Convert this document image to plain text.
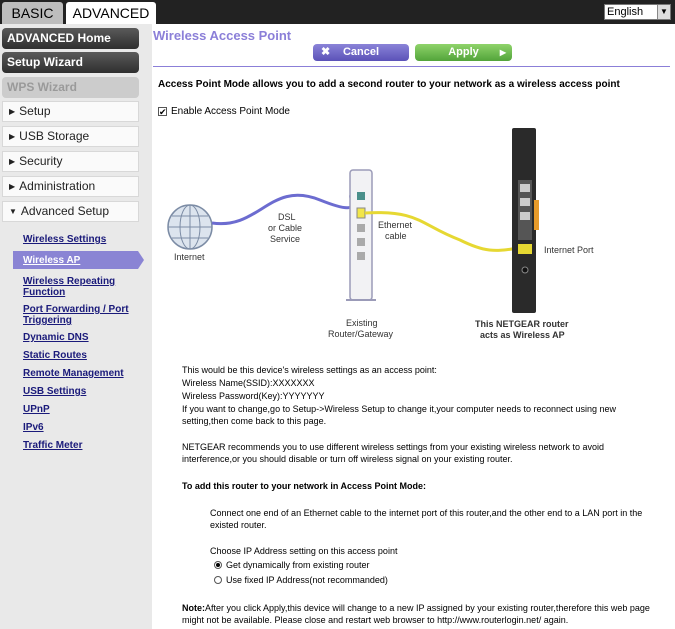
BASIC	ADVANCED	English	▼
ADVANCED Home
Setup Wizard
WPS Wizard
▶ Setup
▶ USB Storage
▶ Security
▶ Administration
▼ Advanced Setup
Wireless Settings
Wireless AP
Wireless Repeating Function
Port Forwarding / Port Triggering
Dynamic DNS
Static Routes
Remote Management
USB Settings
UPnP
IPv6
Traffic Meter
Wireless Access Point
✖ Cancel	Apply	▶
Access Point Mode allows you to add a second router to your network as a wireless access point
✔ Enable Access Point Mode
Internet
DSL
or Cable
Service
Existing
Router/Gateway
Ethernet
cable
Internet Port
This NETGEAR router
acts as Wireless AP
This would be this device's wireless settings as an access point:
Wireless Name(SSID):XXXXXXX
Wireless Password(Key):YYYYYYY
If you want to change,go to Setup->Wireless Setup to change it,your computer needs to reconnect using new setting,then come back to this page.
NETGEAR recommends you to use different wireless settings from your existing wireless network to avoid interference,or you should disable or turn off wireless signal on your existing router.
To add this router to your network in Access Point Mode:
Connect one end of an Ethernet cable to the internet port of this router,and the other end to a LAN port in the existed router.
Choose IP Address setting on this access point
Get dynamically from existing router
Use fixed IP Address(not recommanded)
Note:After you click Apply,this device will change to a new IP assigned by your existing router,therefore this web page might not be available. Please close and restart web browser to http://www.routerlogin.net/ again.
